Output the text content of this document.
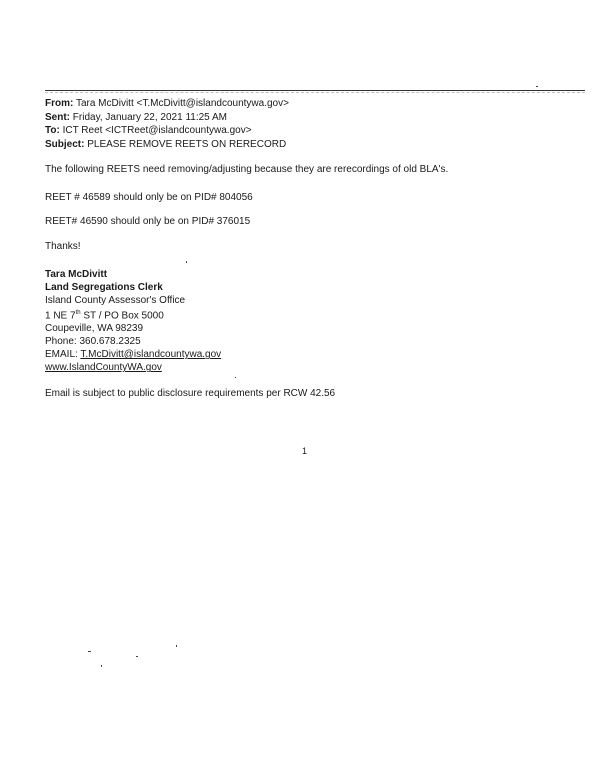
From: Tara McDivitt <T.McDivitt@islandcountywa.gov>
Sent: Friday, January 22, 2021 11:25 AM
To: ICT Reet <ICTReet@islandcountywa.gov>
Subject: PLEASE REMOVE REETS ON RERECORD
The following REETS need removing/adjusting because they are rerecordings of old BLA's.
REET # 46589 should only be on PID# 804056
REET# 46590 should only be on PID# 376015
Thanks!
Tara McDivitt
Land Segregations Clerk
Island County Assessor's Office
1 NE 7th ST / PO Box 5000
Coupeville, WA 98239
Phone: 360.678.2325
EMAIL: T.McDivitt@islandcountywa.gov
www.IslandCountyWA.gov
Email is subject to public disclosure requirements per RCW 42.56
1
